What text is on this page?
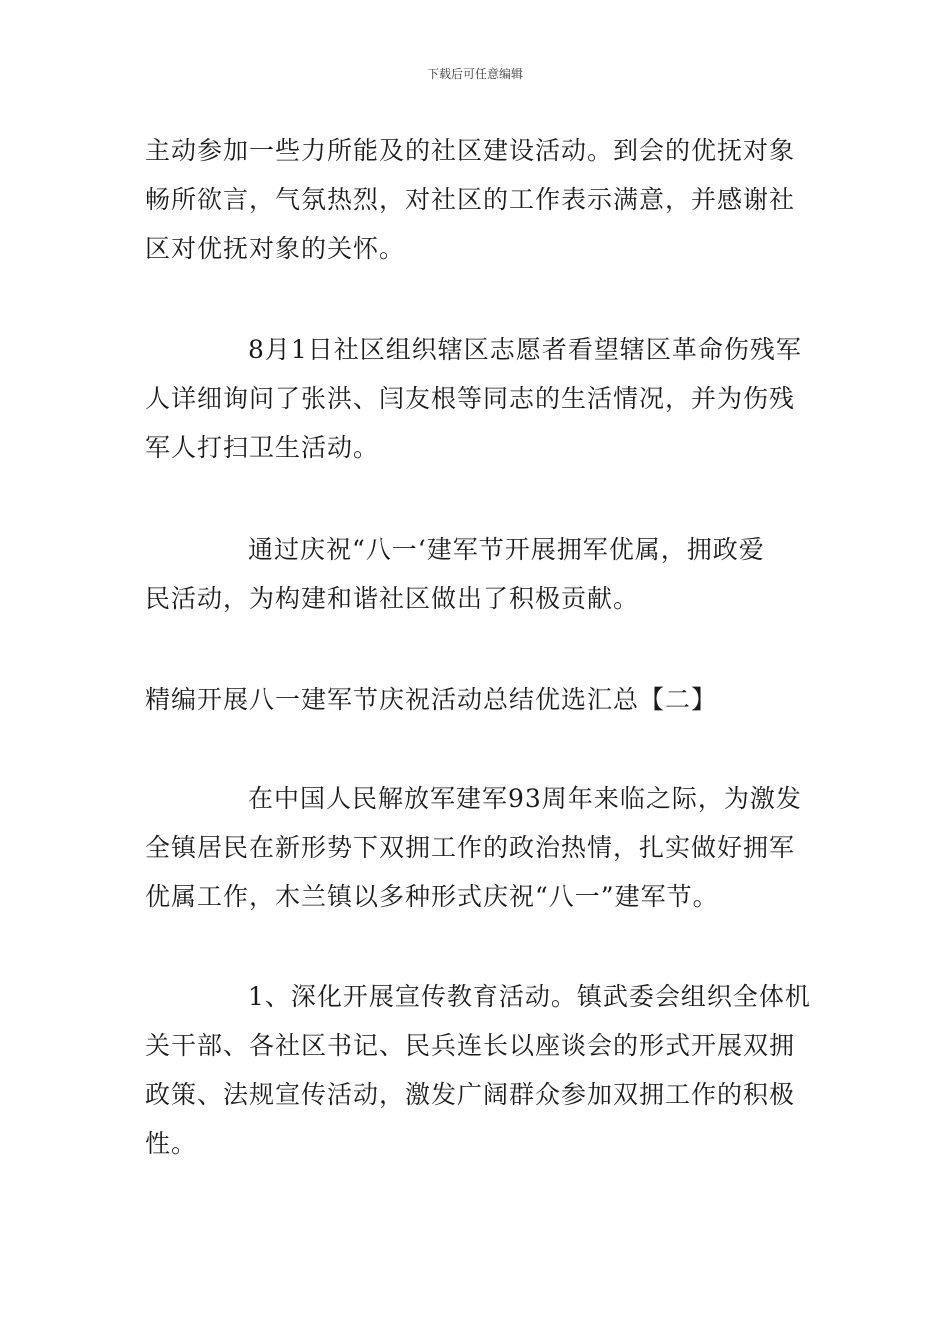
下载后可任意编辑
主动参加一些力所能及的社区建设活动。到会的优抚对象
畅所欲言，气氛热烈，对社区的工作表示满意，并感谢社
区对优抚对象的关怀。
8月1日社区组织辖区志愿者看望辖区革命伤残军
人详细询问了张洪、闫友根等同志的生活情况，并为伤残
军人打扫卫生活动。
通过庆祝“八一‘建军节开展拥军优属，拥政爱
民活动，为构建和谐社区做出了积极贡献。
精编开展八一建军节庆祝活动总结优选汇总【二】
在中国人民解放军建军93周年来临之际，为激发
全镇居民在新形势下双拥工作的政治热情，扎实做好拥军
优属工作，木兰镇以多种形式庆祝“八一”建军节。
1、深化开展宣传教育活动。镇武委会组织全体机
关干部、各社区书记、民兵连长以座谈会的形式开展双拥
政策、法规宣传活动，激发广阔群众参加双拥工作的积极
性。
